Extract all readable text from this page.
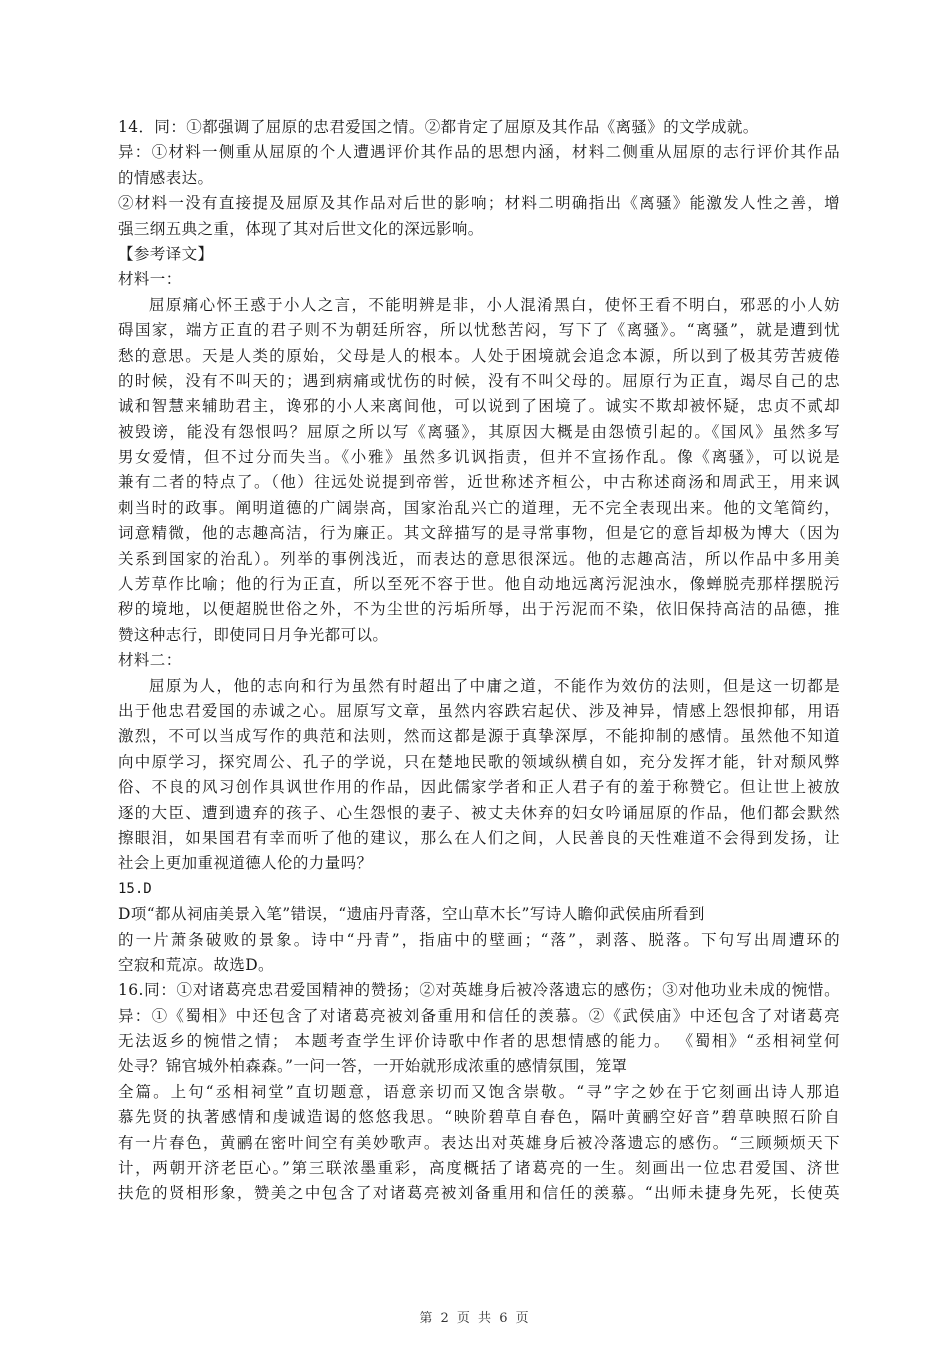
14．同：①都强调了屈原的忠君爱国之情。②都肯定了屈原及其作品《离骚》的文学成就。
异：①材料一侧重从屈原的个人遭遇评价其作品的思想内涵，材料二侧重从屈原的志行评价其作品
的情感表达。
②材料一没有直接提及屈原及其作品对后世的影响；材料二明确指出《离骚》能激发人性之善，增
强三纲五典之重，体现了其对后世文化的深远影响。
【参考译文】
材料一：
屈原痛心怀王惑于小人之言，不能明辨是非，小人混淆黑白，使怀王看不明白，邪恶的小人妨
碍国家，端方正直的君子则不为朝廷所容，所以忧愁苦闷，写下了《离骚》。“离骚”，就是遭到忧
愁的意思。天是人类的原始，父母是人的根本。人处于困境就会追念本源，所以到了极其劳苦疲倦
的时候，没有不叫天的；遇到病痛或忧伤的时候，没有不叫父母的。屈原行为正直，竭尽自己的忠
诚和智慧来辅助君主，谗邪的小人来离间他，可以说到了困境了。诚实不欺却被怀疑，忠贞不贰却
被毁谤，能没有怨恨吗？屈原之所以写《离骚》，其原因大概是由怨愤引起的。《国风》虽然多写
男女爱情，但不过分而失当。《小雅》虽然多讥讽指责，但并不宣扬作乱。像《离骚》，可以说是
兼有二者的特点了。（他）往远处说提到帝喾，近世称述齐桓公，中古称述商汤和周武王，用来讽
刺当时的政事。阐明道德的广阔崇高，国家治乱兴亡的道理，无不完全表现出来。他的文笔简约，
词意精微，他的志趣高洁，行为廉正。其文辞描写的是寻常事物，但是它的意旨却极为博大（因为
关系到国家的治乱）。列举的事例浅近，而表达的意思很深远。他的志趣高洁，所以作品中多用美
人芳草作比喻；他的行为正直，所以至死不容于世。他自动地远离污泥浊水，像蝉脱壳那样摆脱污
秽的境地，以便超脱世俗之外，不为尘世的污垢所辱，出于污泥而不染，依旧保持高洁的品德，推
赞这种志行，即使同日月争光都可以。
材料二：
屈原为人，他的志向和行为虽然有时超出了中庸之道，不能作为效仿的法则，但是这一切都是
出于他忠君爱国的赤诚之心。屈原写文章，虽然内容跌宕起伏、涉及神异，情感上怨恨抑郁，用语
激烈，不可以当成写作的典范和法则，然而这都是源于真挚深厚，不能抑制的感情。虽然他不知道
向中原学习，探究周公、孔子的学说，只在楚地民歌的领域纵横自如，充分发挥才能，针对颓风弊
俗、不良的风习创作具讽世作用的作品，因此儒家学者和正人君子有的羞于称赞它。但让世上被放
逐的大臣、遭到遗弃的孩子、心生怨恨的妻子、被丈夫休弃的妇女吟诵屈原的作品，他们都会默然
擦眼泪，如果国君有幸而听了他的建议，那么在人们之间，人民善良的天性难道不会得到发扬，让
社会上更加重视道德人伦的力量吗？
15.D
D项“都从祠庙美景入笔”错误，“遗庙丹青落，空山草木长”写诗人瞻仰武侯庙所看到
的一片萧条破败的景象。诗中“丹青”，指庙中的壁画；“落”，剥落、脱落。下句写出周遭环的
空寂和荒凉。故选D。
16.同：①对诸葛亮忠君爱国精神的赞扬；②对英雄身后被冷落遗忘的感伤；③对他功业未成的惋惜。
异：①《蜀相》中还包含了对诸葛亮被刘备重用和信任的羡慕。②《武侯庙》中还包含了对诸葛亮
无法返乡的惋惜之情； 本题考查学生评价诗歌中作者的思想情感的能力。 《蜀相》“丞相祠堂何
处寻？锦官城外柏森森。”一问一答，一开始就形成浓重的感情氛围，笼罩
全篇。上句“丞相祠堂”直切题意，语意亲切而又饱含崇敬。“寻”字之妙在于它刻画出诗人那追
慕先贤的执著感情和虔诚造谒的悠悠我思。“映阶碧草自春色，隔叶黄鹂空好音”碧草映照石阶自
有一片春色，黄鹂在密叶间空有美妙歌声。表达出对英雄身后被冷落遗忘的感伤。“三顾频烦天下
计，两朝开济老臣心。”第三联浓墨重彩，高度概括了诸葛亮的一生。刻画出一位忠君爱国、济世
扶危的贤相形象，赞美之中包含了对诸葛亮被刘备重用和信任的羡慕。“出师未捷身先死，长使英
第 2 页 共 6 页
